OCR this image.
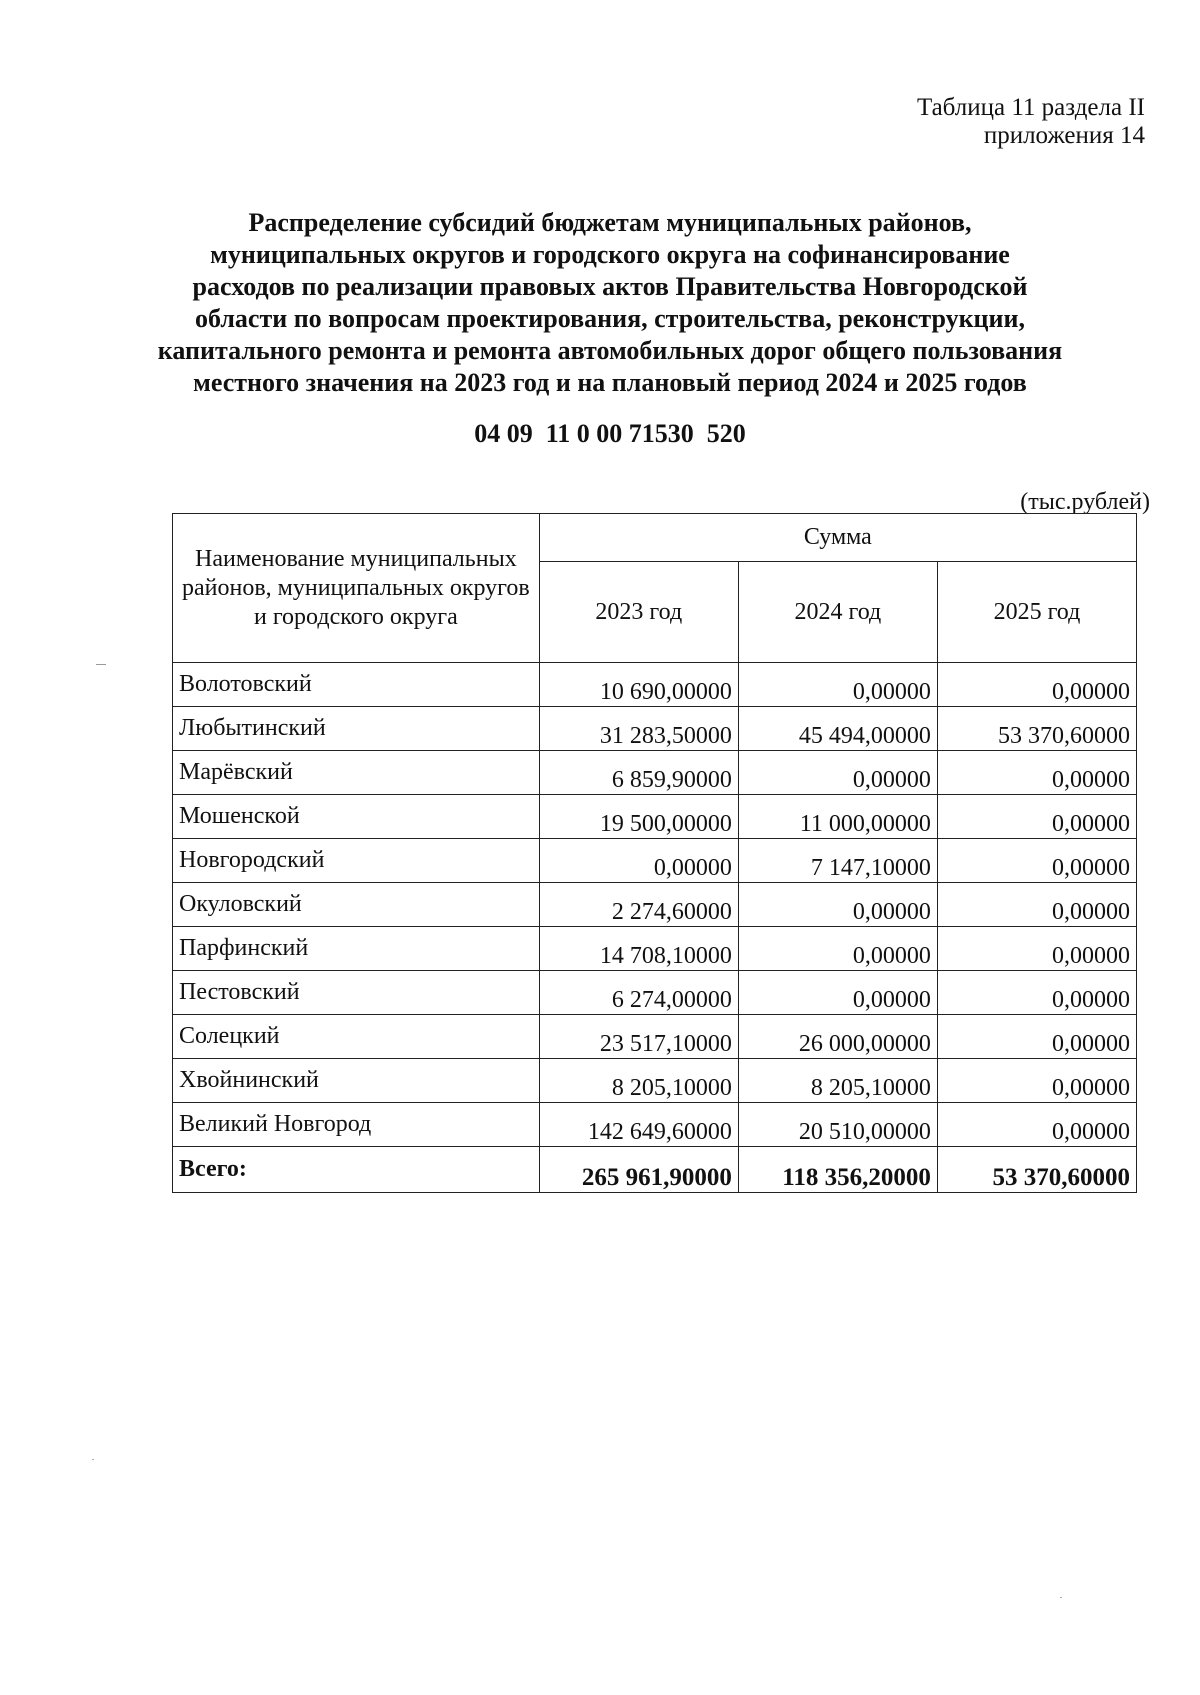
Таблица 11 раздела II
приложения 14
Распределение субсидий бюджетам муниципальных районов,
муниципальных округов и городского округа на софинансирование
расходов по реализации правовых актов Правительства Новгородской
области по вопросам проектирования, строительства, реконструкции,
капитального ремонта и ремонта автомобильных дорог общего пользования
местного значения на 2023 год и на плановый период 2024 и 2025 годов
04 09  11 0 00 71530  520
(тыс.рублей)
Наименование муниципальных районов, муниципальных округов и городского округа	Сумма		
	2023 год	2024 год	2025 год
Волотовский	10 690,00000	0,00000	0,00000
Любытинский	31 283,50000	45 494,00000	53 370,60000
Марёвский	6 859,90000	0,00000	0,00000
Мошенской	19 500,00000	11 000,00000	0,00000
Новгородский	0,00000	7 147,10000	0,00000
Окуловский	2 274,60000	0,00000	0,00000
Парфинский	14 708,10000	0,00000	0,00000
Пестовский	6 274,00000	0,00000	0,00000
Солецкий	23 517,10000	26 000,00000	0,00000
Хвойнинский	8 205,10000	8 205,10000	0,00000
Великий Новгород	142 649,60000	20 510,00000	0,00000
Всего:	265 961,90000	118 356,20000	53 370,60000
